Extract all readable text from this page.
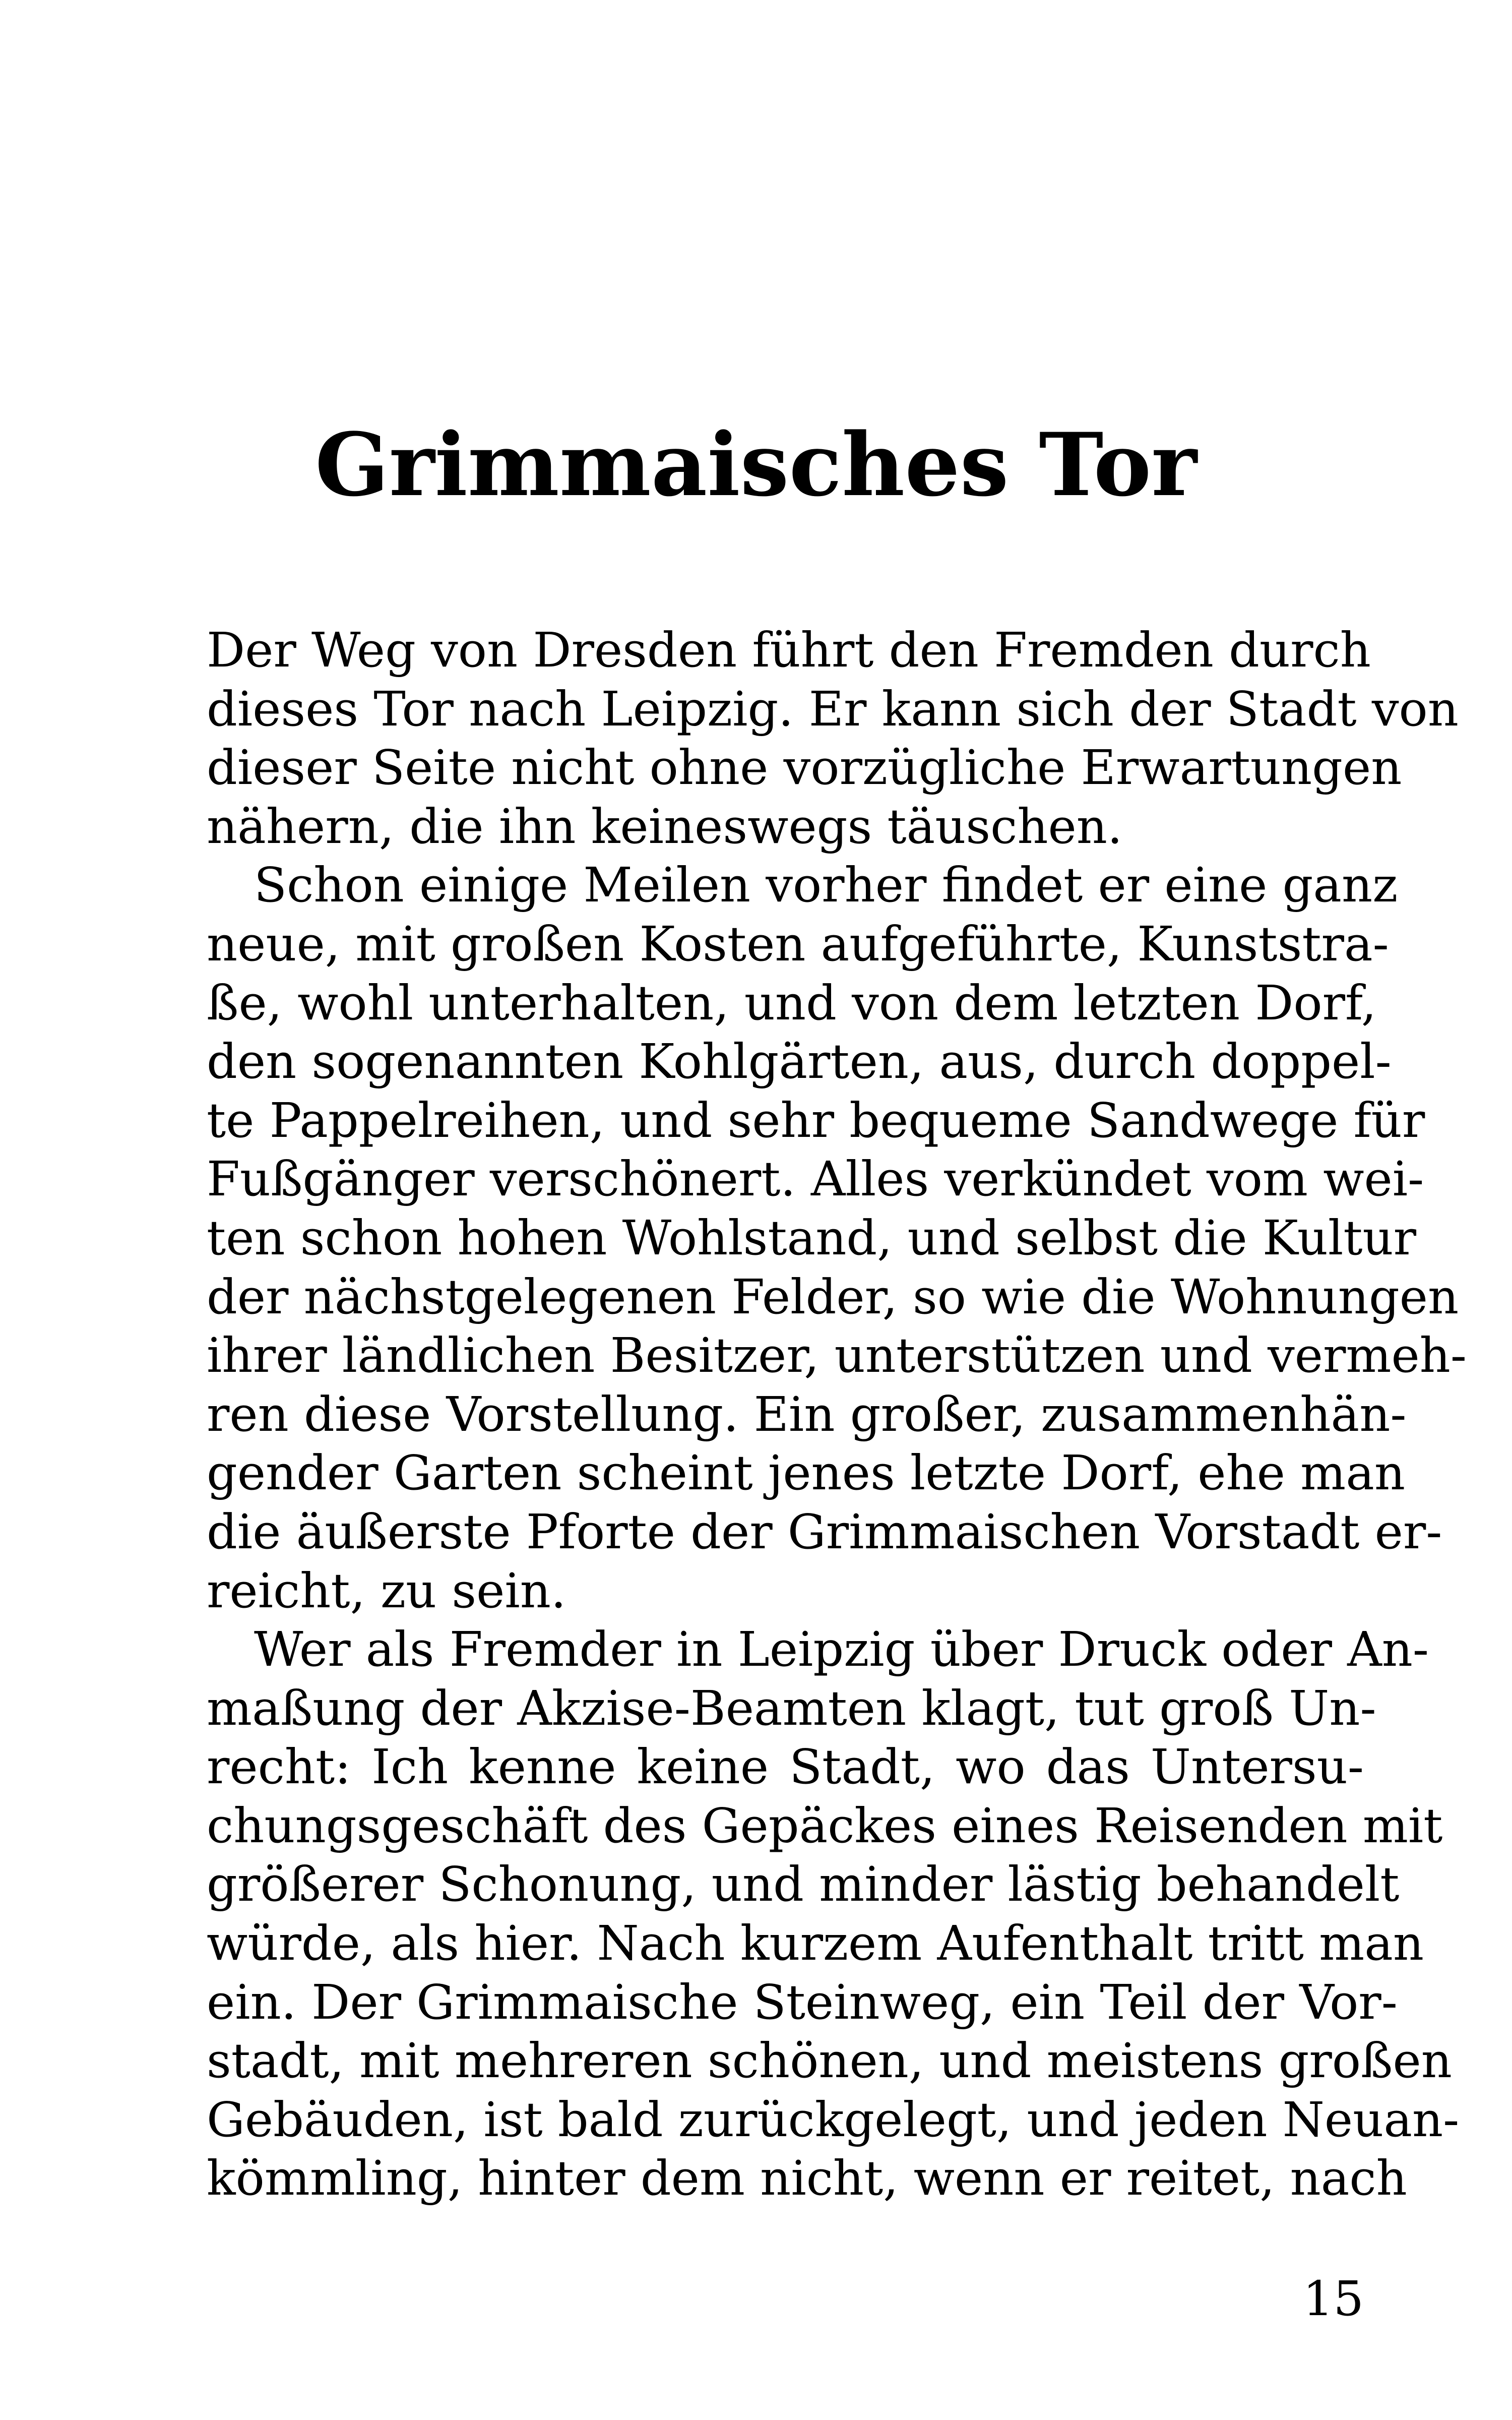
Grimmaisches Tor
Der Weg von Dresden führt den Fremden durch
dieses Tor nach Leipzig. Er kann sich der Stadt von
dieser Seite nicht ohne vorzügliche Erwartungen
nähern, die ihn keineswegs täuschen.
Schon einige Meilen vorher findet er eine ganz
neue, mit großen Kosten aufgeführte, Kunststra-
ße, wohl unterhalten, und von dem letzten Dorf,
den sogenannten Kohlgärten, aus, durch doppel-
te Pappelreihen, und sehr bequeme Sandwege für
Fußgänger verschönert. Alles verkündet vom wei-
ten schon hohen Wohlstand, und selbst die Kultur
der nächstgelegenen Felder, so wie die Wohnungen
ihrer ländlichen Besitzer, unterstützen und vermeh-
ren diese Vorstellung. Ein großer, zusammenhän-
gender Garten scheint jenes letzte Dorf, ehe man
die äußerste Pforte der Grimmaischen Vorstadt er-
reicht, zu sein.
Wer als Fremder in Leipzig über Druck oder An-
maßung der Akzise-Beamten klagt, tut groß Un-
recht: Ich kenne keine Stadt, wo das Untersu-
chungsgeschäft des Gepäckes eines Reisenden mit
größerer Schonung, und minder lästig behandelt
würde, als hier. Nach kurzem Aufenthalt tritt man
ein. Der Grimmaische Steinweg, ein Teil der Vor-
stadt, mit mehreren schönen, und meistens großen
Gebäuden, ist bald zurückgelegt, und jeden Neuan-
kömmling, hinter dem nicht, wenn er reitet, nach
15
